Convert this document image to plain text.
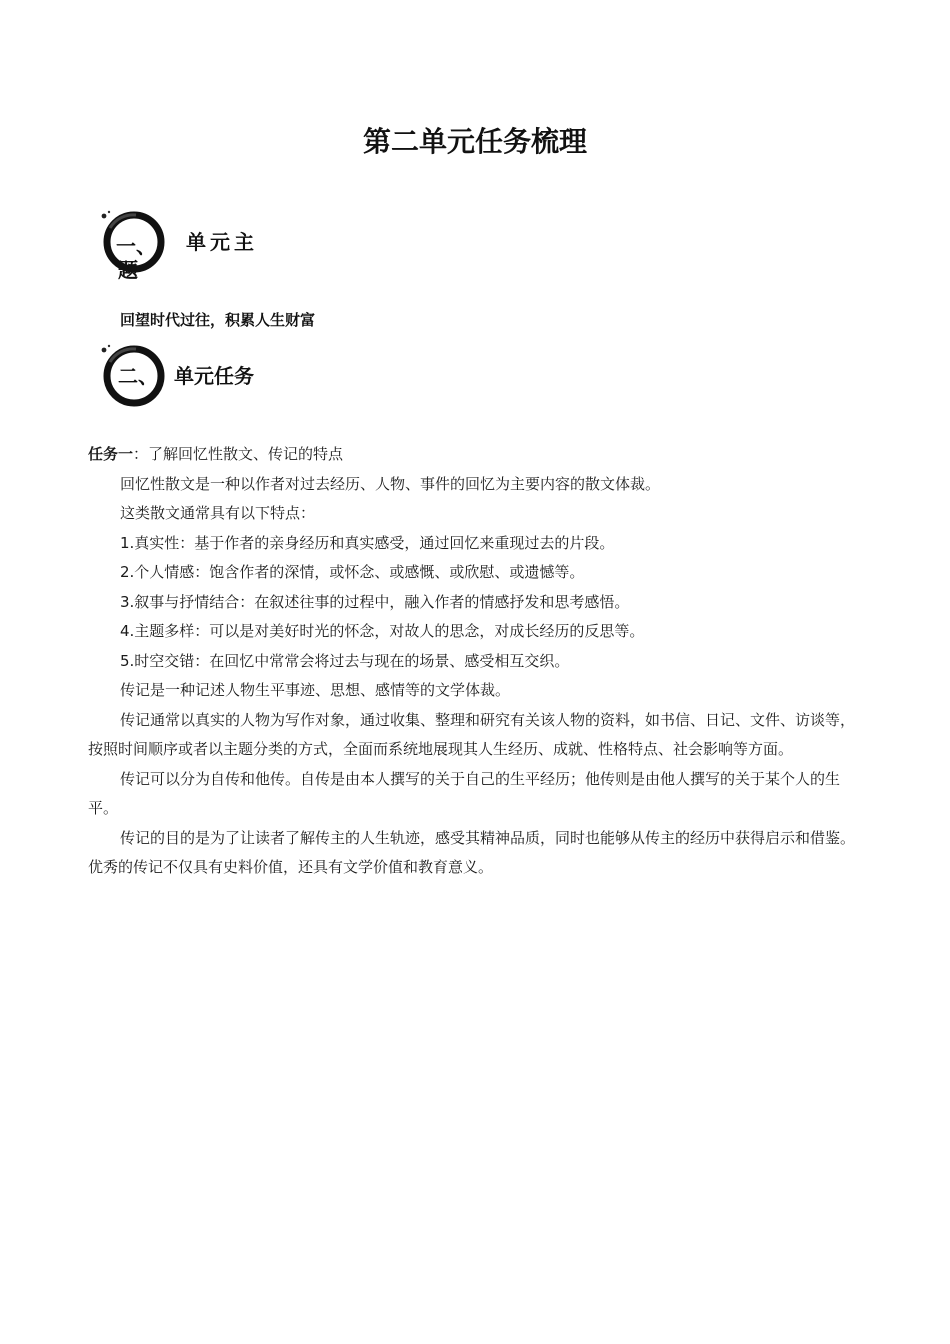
第二单元任务梳理
一、 单元主
题

回望时代过往，积累人生财富

二、 单元任务

任务一：了解回忆性散文、传记的特点

回忆性散文是一种以作者对过去经历、人物、事件的回忆为主要内容的散文体裁。

这类散文通常具有以下特点：

1.真实性：基于作者的亲身经历和真实感受，通过回忆来重现过去的片段。

2.个人情感：饱含作者的深情，或怀念、或感慨、或欣慰、或遗憾等。

3.叙事与抒情结合：在叙述往事的过程中，融入作者的情感抒发和思考感悟。

4.主题多样：可以是对美好时光的怀念，对故人的思念，对成长经历的反思等。

5.时空交错：在回忆中常常会将过去与现在的场景、感受相互交织。

传记是一种记述人物生平事迹、思想、感情等的文学体裁。

传记通常以真实的人物为写作对象，通过收集、整理和研究有关该人物的资料，如书信、日记、文件、访谈等，按照时间顺序或者以主题分类的方式，全面而系统地展现其人生经历、成就、性格特点、社会影响等方面。

传记可以分为自传和他传。自传是由本人撰写的关于自己的生平经历；他传则是由他人撰写的关于某个人的生平。

传记的目的是为了让读者了解传主的人生轨迹，感受其精神品质，同时也能够从传主的经历中获得启示和借鉴。优秀的传记不仅具有史料价值，还具有文学价值和教育意义。
